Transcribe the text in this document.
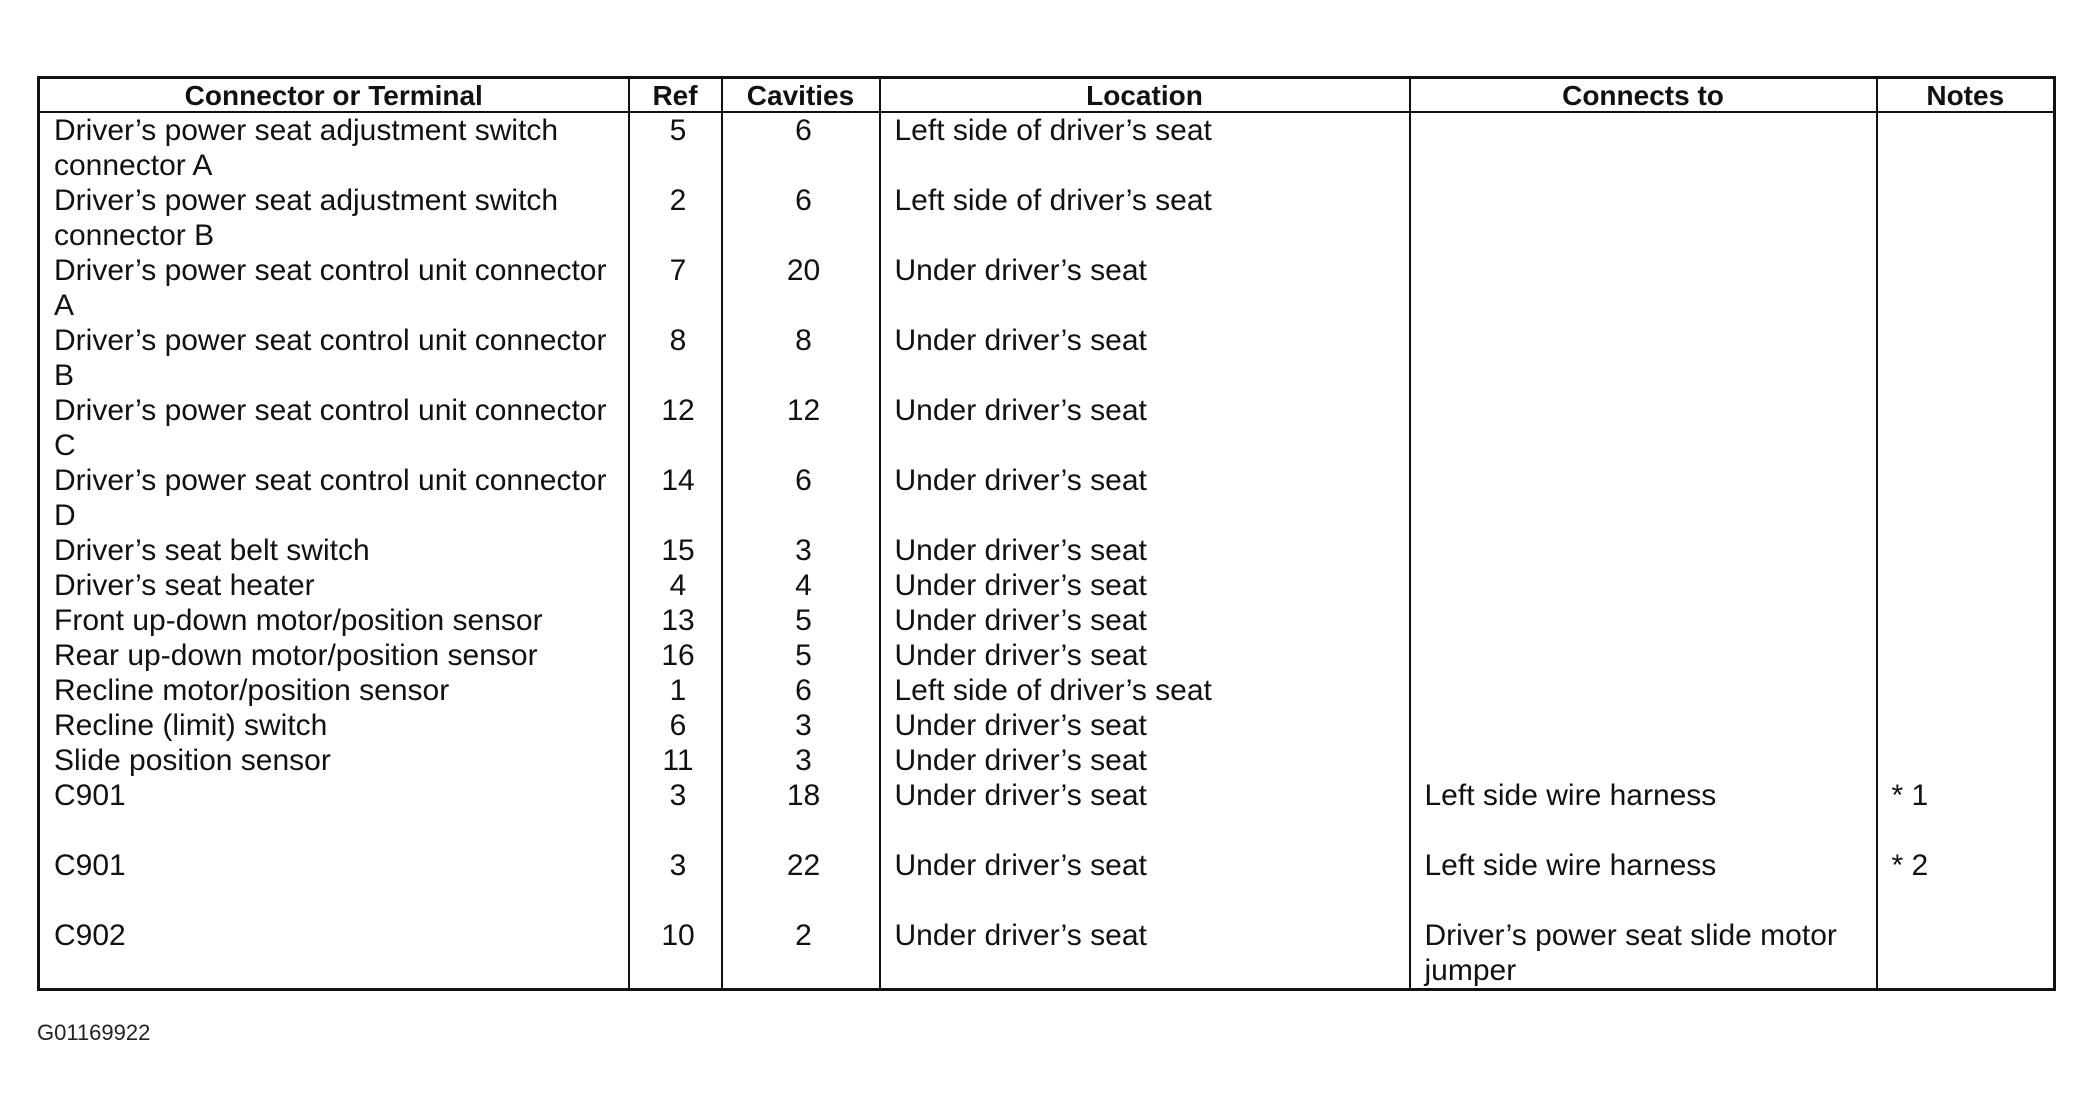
Connector or Terminal	Ref	Cavities	Location	Connects to	Notes
Driver’s power seat adjustment switch connector A	5	6	Left side of driver’s seat		
Driver’s power seat adjustment switch connector B	2	6	Left side of driver’s seat		
Driver’s power seat control unit connector A	7	20	Under driver’s seat		
Driver’s power seat control unit connector B	8	8	Under driver’s seat		
Driver’s power seat control unit connector C	12	12	Under driver’s seat		
Driver’s power seat control unit connector D	14	6	Under driver’s seat		
Driver’s seat belt switch	15	3	Under driver’s seat		
Driver’s seat heater	4	4	Under driver’s seat		
Front up-down motor/position sensor	13	5	Under driver’s seat		
Rear up-down motor/position sensor	16	5	Under driver’s seat		
Recline motor/position sensor	1	6	Left side of driver’s seat		
Recline (limit) switch	6	3	Under driver’s seat		
Slide position sensor	11	3	Under driver’s seat		
C901	3	18	Under driver’s seat	Left side wire harness	* 1
C901	3	22	Under driver’s seat	Left side wire harness	* 2
C902	10	2	Under driver’s seat	Driver’s power seat slide motor jumper	
G01169922
